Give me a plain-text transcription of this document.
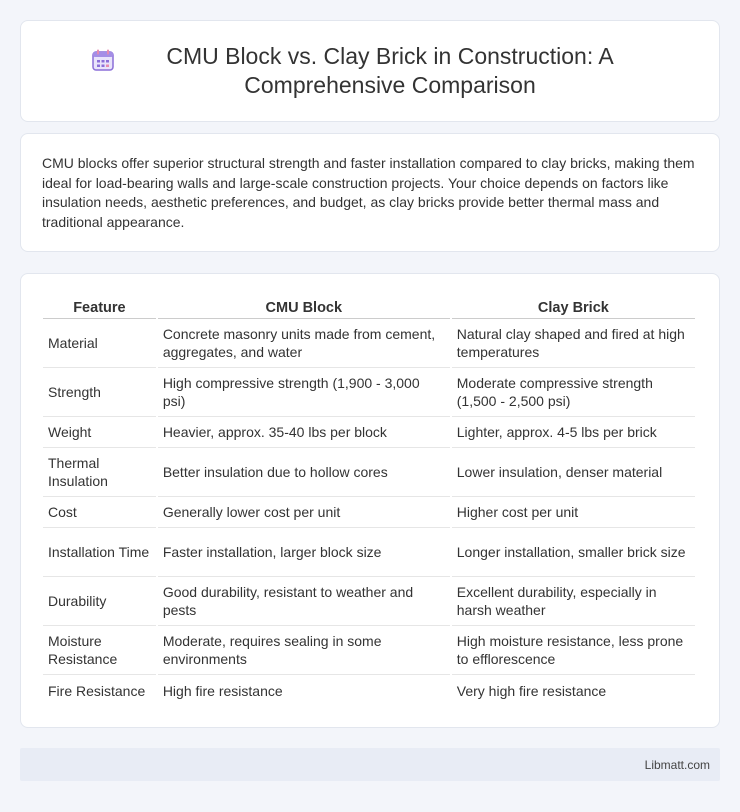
CMU Block vs. Clay Brick in Construction: A Comprehensive Comparison

CMU blocks offer superior structural strength and faster installation compared to clay bricks, making them ideal for load-bearing walls and large-scale construction projects. Your choice depends on factors like insulation needs, aesthetic preferences, and budget, as clay bricks provide better thermal mass and traditional appearance.

Feature	CMU Block	Clay Brick
Material	Concrete masonry units made from cement, aggregates, and water	Natural clay shaped and fired at high temperatures
Strength	High compressive strength (1,900 - 3,000 psi)	Moderate compressive strength (1,500 - 2,500 psi)
Weight	Heavier, approx. 35-40 lbs per block	Lighter, approx. 4-5 lbs per brick
Thermal Insulation	Better insulation due to hollow cores	Lower insulation, denser material
Cost	Generally lower cost per unit	Higher cost per unit
Installation Time	Faster installation, larger block size	Longer installation, smaller brick size
Durability	Good durability, resistant to weather and pests	Excellent durability, especially in harsh weather
Moisture Resistance	Moderate, requires sealing in some environments	High moisture resistance, less prone to efflorescence
Fire Resistance	High fire resistance	Very high fire resistance
Libmatt.com
